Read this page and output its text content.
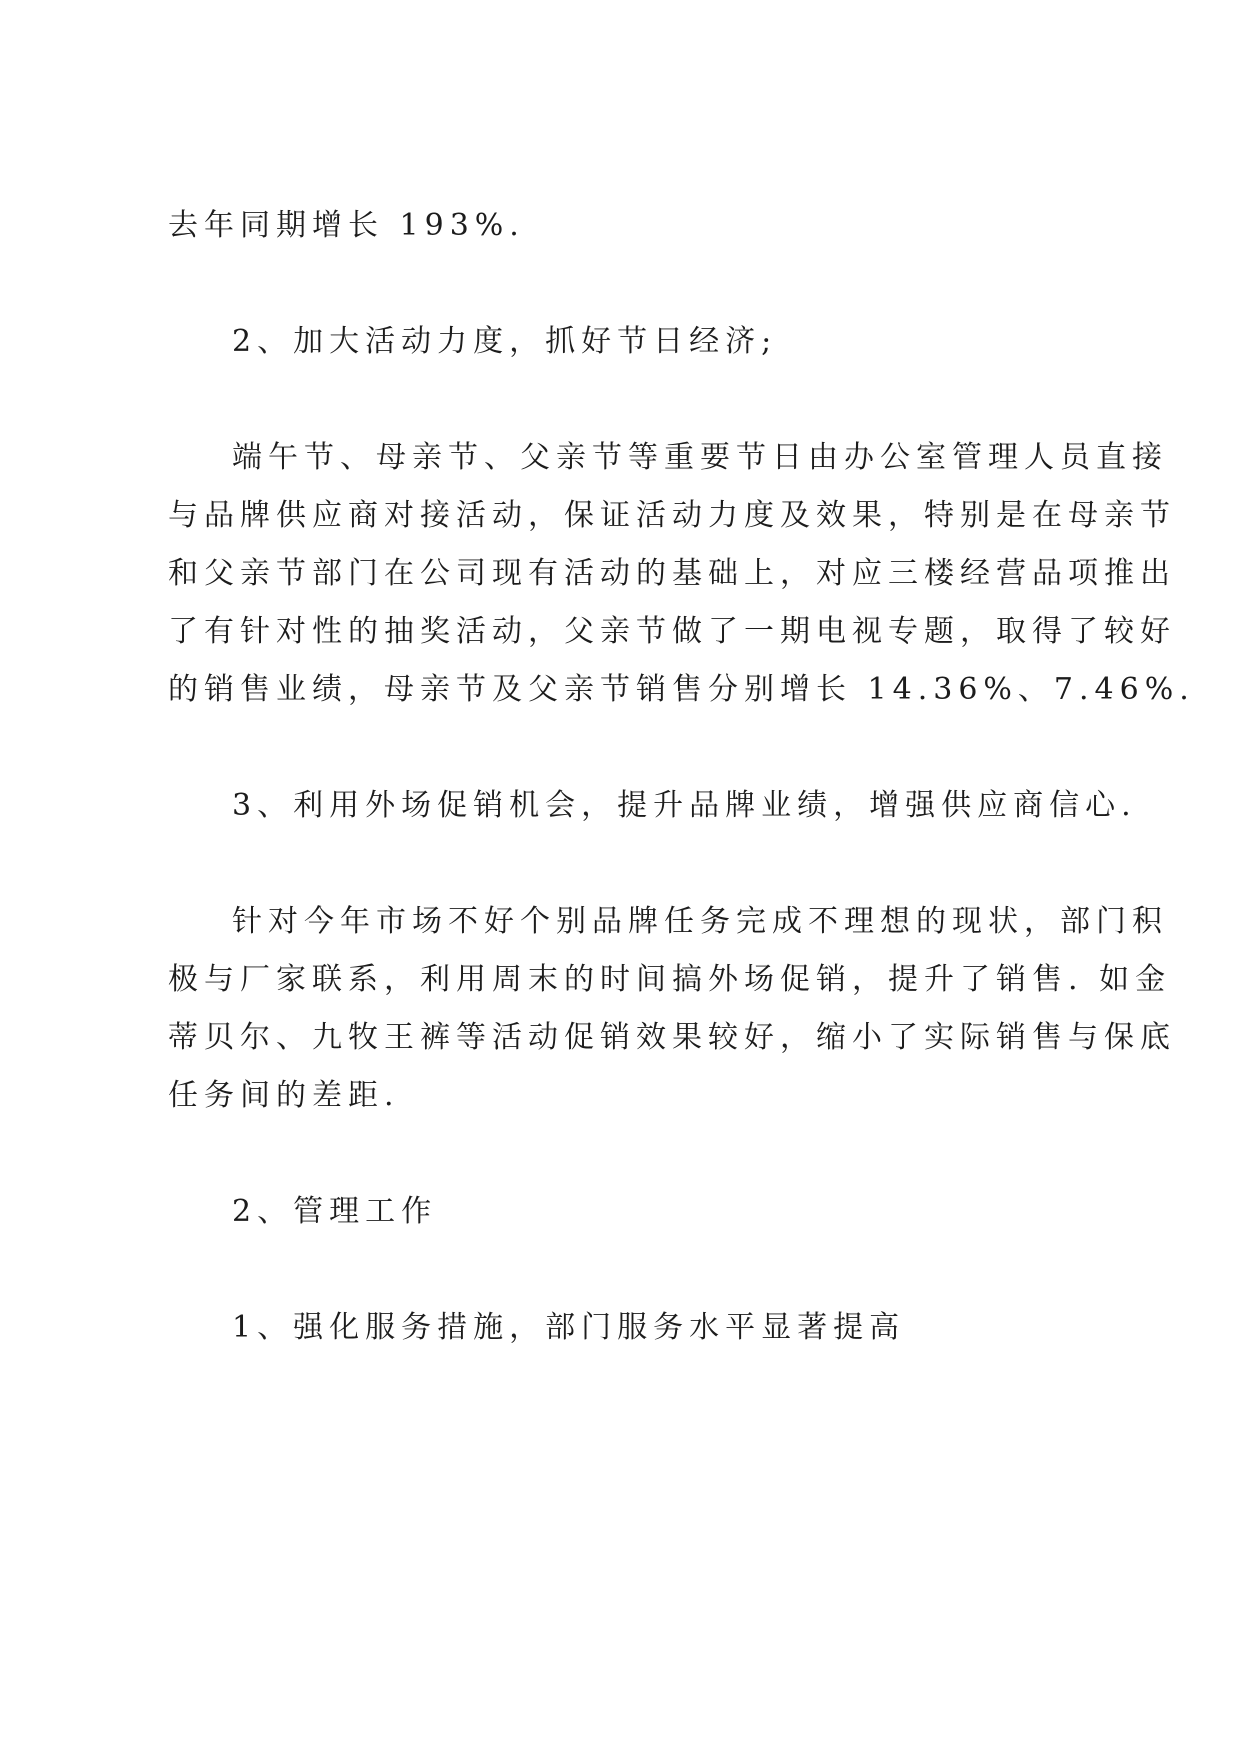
去年同期增长 193%.
2、加大活动力度，抓好节日经济;
端午节、母亲节、父亲节等重要节日由办公室管理人员直接
与品牌供应商对接活动，保证活动力度及效果，特别是在母亲节
和父亲节部门在公司现有活动的基础上，对应三楼经营品项推出
了有针对性的抽奖活动，父亲节做了一期电视专题，取得了较好
的销售业绩，母亲节及父亲节销售分别增长 14.36%、7.46%.
3、利用外场促销机会，提升品牌业绩，增强供应商信心.
针对今年市场不好个别品牌任务完成不理想的现状，部门积
极与厂家联系，利用周末的时间搞外场促销，提升了销售. 如金
蒂贝尔、九牧王裤等活动促销效果较好，缩小了实际销售与保底
任务间的差距.
2、管理工作
1、强化服务措施，部门服务水平显著提高
